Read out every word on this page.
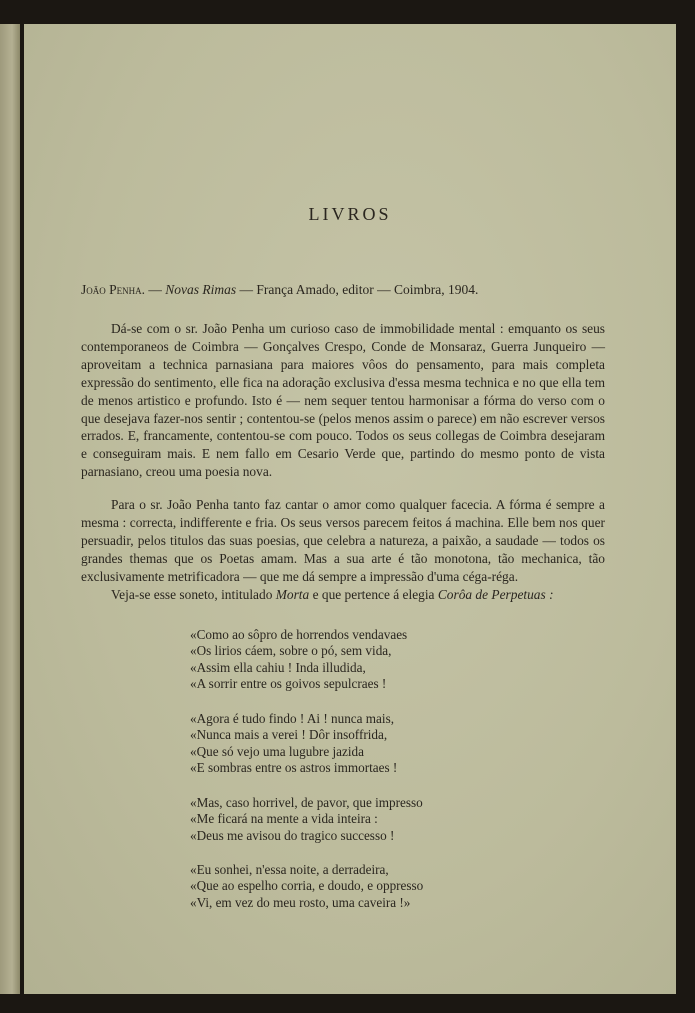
LIVROS
João Penha. — Novas Rimas — França Amado, editor — Coimbra, 1904.

Dá-se com o sr. João Penha um curioso caso de immobilidade mental : emquanto os seus contemporaneos de Coimbra — Gonçalves Crespo, Conde de Monsaraz, Guerra Junqueiro — aproveitam a technica parnasiana para maiores vôos do pensamento, para mais completa expressão do sentimento, elle fica na adoração exclusiva d'essa mesma technica e no que ella tem de menos artistico e profundo. Isto é — nem sequer tentou harmonisar a fórma do verso com o que desejava fazer-nos sentir ; contentou-se (pelos menos assim o parece) em não escrever versos errados. E, francamente, contentou-se com pouco. Todos os seus collegas de Coimbra desejaram e conseguiram mais. E nem fallo em Cesario Verde que, partindo do mesmo ponto de vista parnasiano, creou uma poesia nova.

Para o sr. João Penha tanto faz cantar o amor como qualquer facecia. A fórma é sempre a mesma : correcta, indifferente e fria. Os seus versos parecem feitos á machina. Elle bem nos quer persuadir, pelos titulos das suas poesias, que celebra a natureza, a paixão, a saudade — todos os grandes themas que os Poetas amam. Mas a sua arte é tão monotona, tão mechanica, tão exclusivamente metrificadora — que me dá sempre a impressão d'uma céga-réga.

Veja-se esse soneto, intitulado Morta e que pertence á elegia Corôa de Perpetuas :

«Como ao sôpro de horrendos vendavaes
«Os lirios cáem, sobre o pó, sem vida,
«Assim ella cahiu ! Inda illudida,
«A sorrir entre os goivos sepulcraes !
«Agora é tudo findo ! Ai ! nunca mais,
«Nunca mais a verei ! Dôr insoffrida,
«Que só vejo uma lugubre jazida
«E sombras entre os astros immortaes !
«Mas, caso horrivel, de pavor, que impresso
«Me ficará na mente a vida inteira :
«Deus me avisou do tragico successo !
«Eu sonhei, n'essa noite, a derradeira,
«Que ao espelho corria, e doudo, e oppresso
«Vi, em vez do meu rosto, uma caveira !»
